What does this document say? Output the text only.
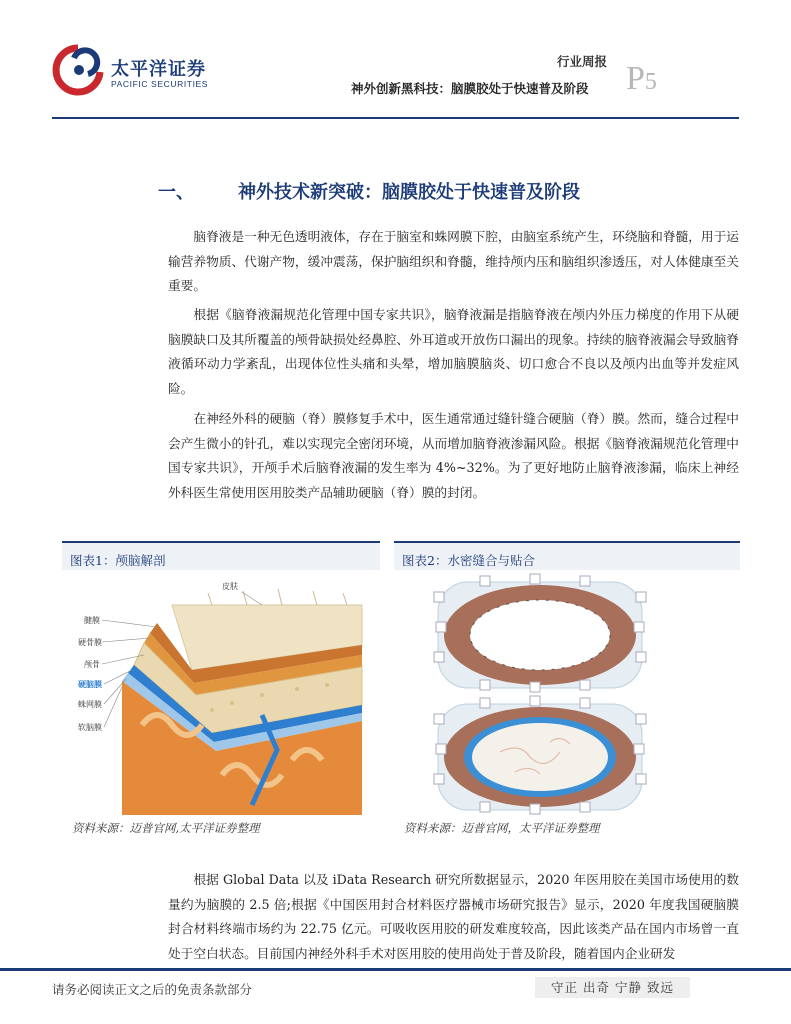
太平洋证券
PACIFIC SECURITIES
行业周报
神外创新黑科技：脑膜胶处于快速普及阶段 P5
一、 神外技术新突破：脑膜胶处于快速普及阶段

脑脊液是一种无色透明液体，存在于脑室和蛛网膜下腔，由脑室系统产生，环绕脑和脊髓，用于运输营养物质、代谢产物，缓冲震荡，保护脑组织和脊髓，维持颅内压和脑组织渗透压，对人体健康至关重要。

根据《脑脊液漏规范化管理中国专家共识》，脑脊液漏是指脑脊液在颅内外压力梯度的作用下从硬脑膜缺口及其所覆盖的颅骨缺损处经鼻腔、外耳道或开放伤口漏出的现象。持续的脑脊液漏会导致脑脊液循环动力学紊乱，出现体位性头痛和头晕，增加脑膜脑炎、切口愈合不良以及颅内出血等并发症风险。

在神经外科的硬脑（脊）膜修复手术中，医生通常通过缝针缝合硬脑（脊）膜。然而，缝合过程中会产生微小的针孔，难以实现完全密闭环境，从而增加脑脊液渗漏风险。根据《脑脊液漏规范化管理中国专家共识》，开颅手术后脑脊液漏的发生率为 4%~32%。为了更好地防止脑脊液渗漏，临床上神经外科医生常使用医用胶类产品辅助硬脑（脊）膜的封闭。

图表1：颅脑解剖
皮肤
腱膜
硬骨膜
颅骨
硬脑膜
蛛网膜
软脑膜
资料来源：迈普官网,太平洋证券整理
图表2：水密缝合与贴合
资料来源：迈普官网，太平洋证券整理

根据 Global Data 以及 iData Research 研究所数据显示，2020 年医用胶在美国市场使用的数量约为脑膜的 2.5 倍;根据《中国医用封合材料医疗器械市场研究报告》显示，2020 年度我国硬脑膜封合材料终端市场约为 22.75 亿元。可吸收医用胶的研发难度较高，因此该类产品在国内市场曾一直处于空白状态。目前国内神经外科手术对医用胶的使用尚处于普及阶段，随着国内企业研发

请务必阅读正文之后的免责条款部分	守正 出奇 宁静 致远
